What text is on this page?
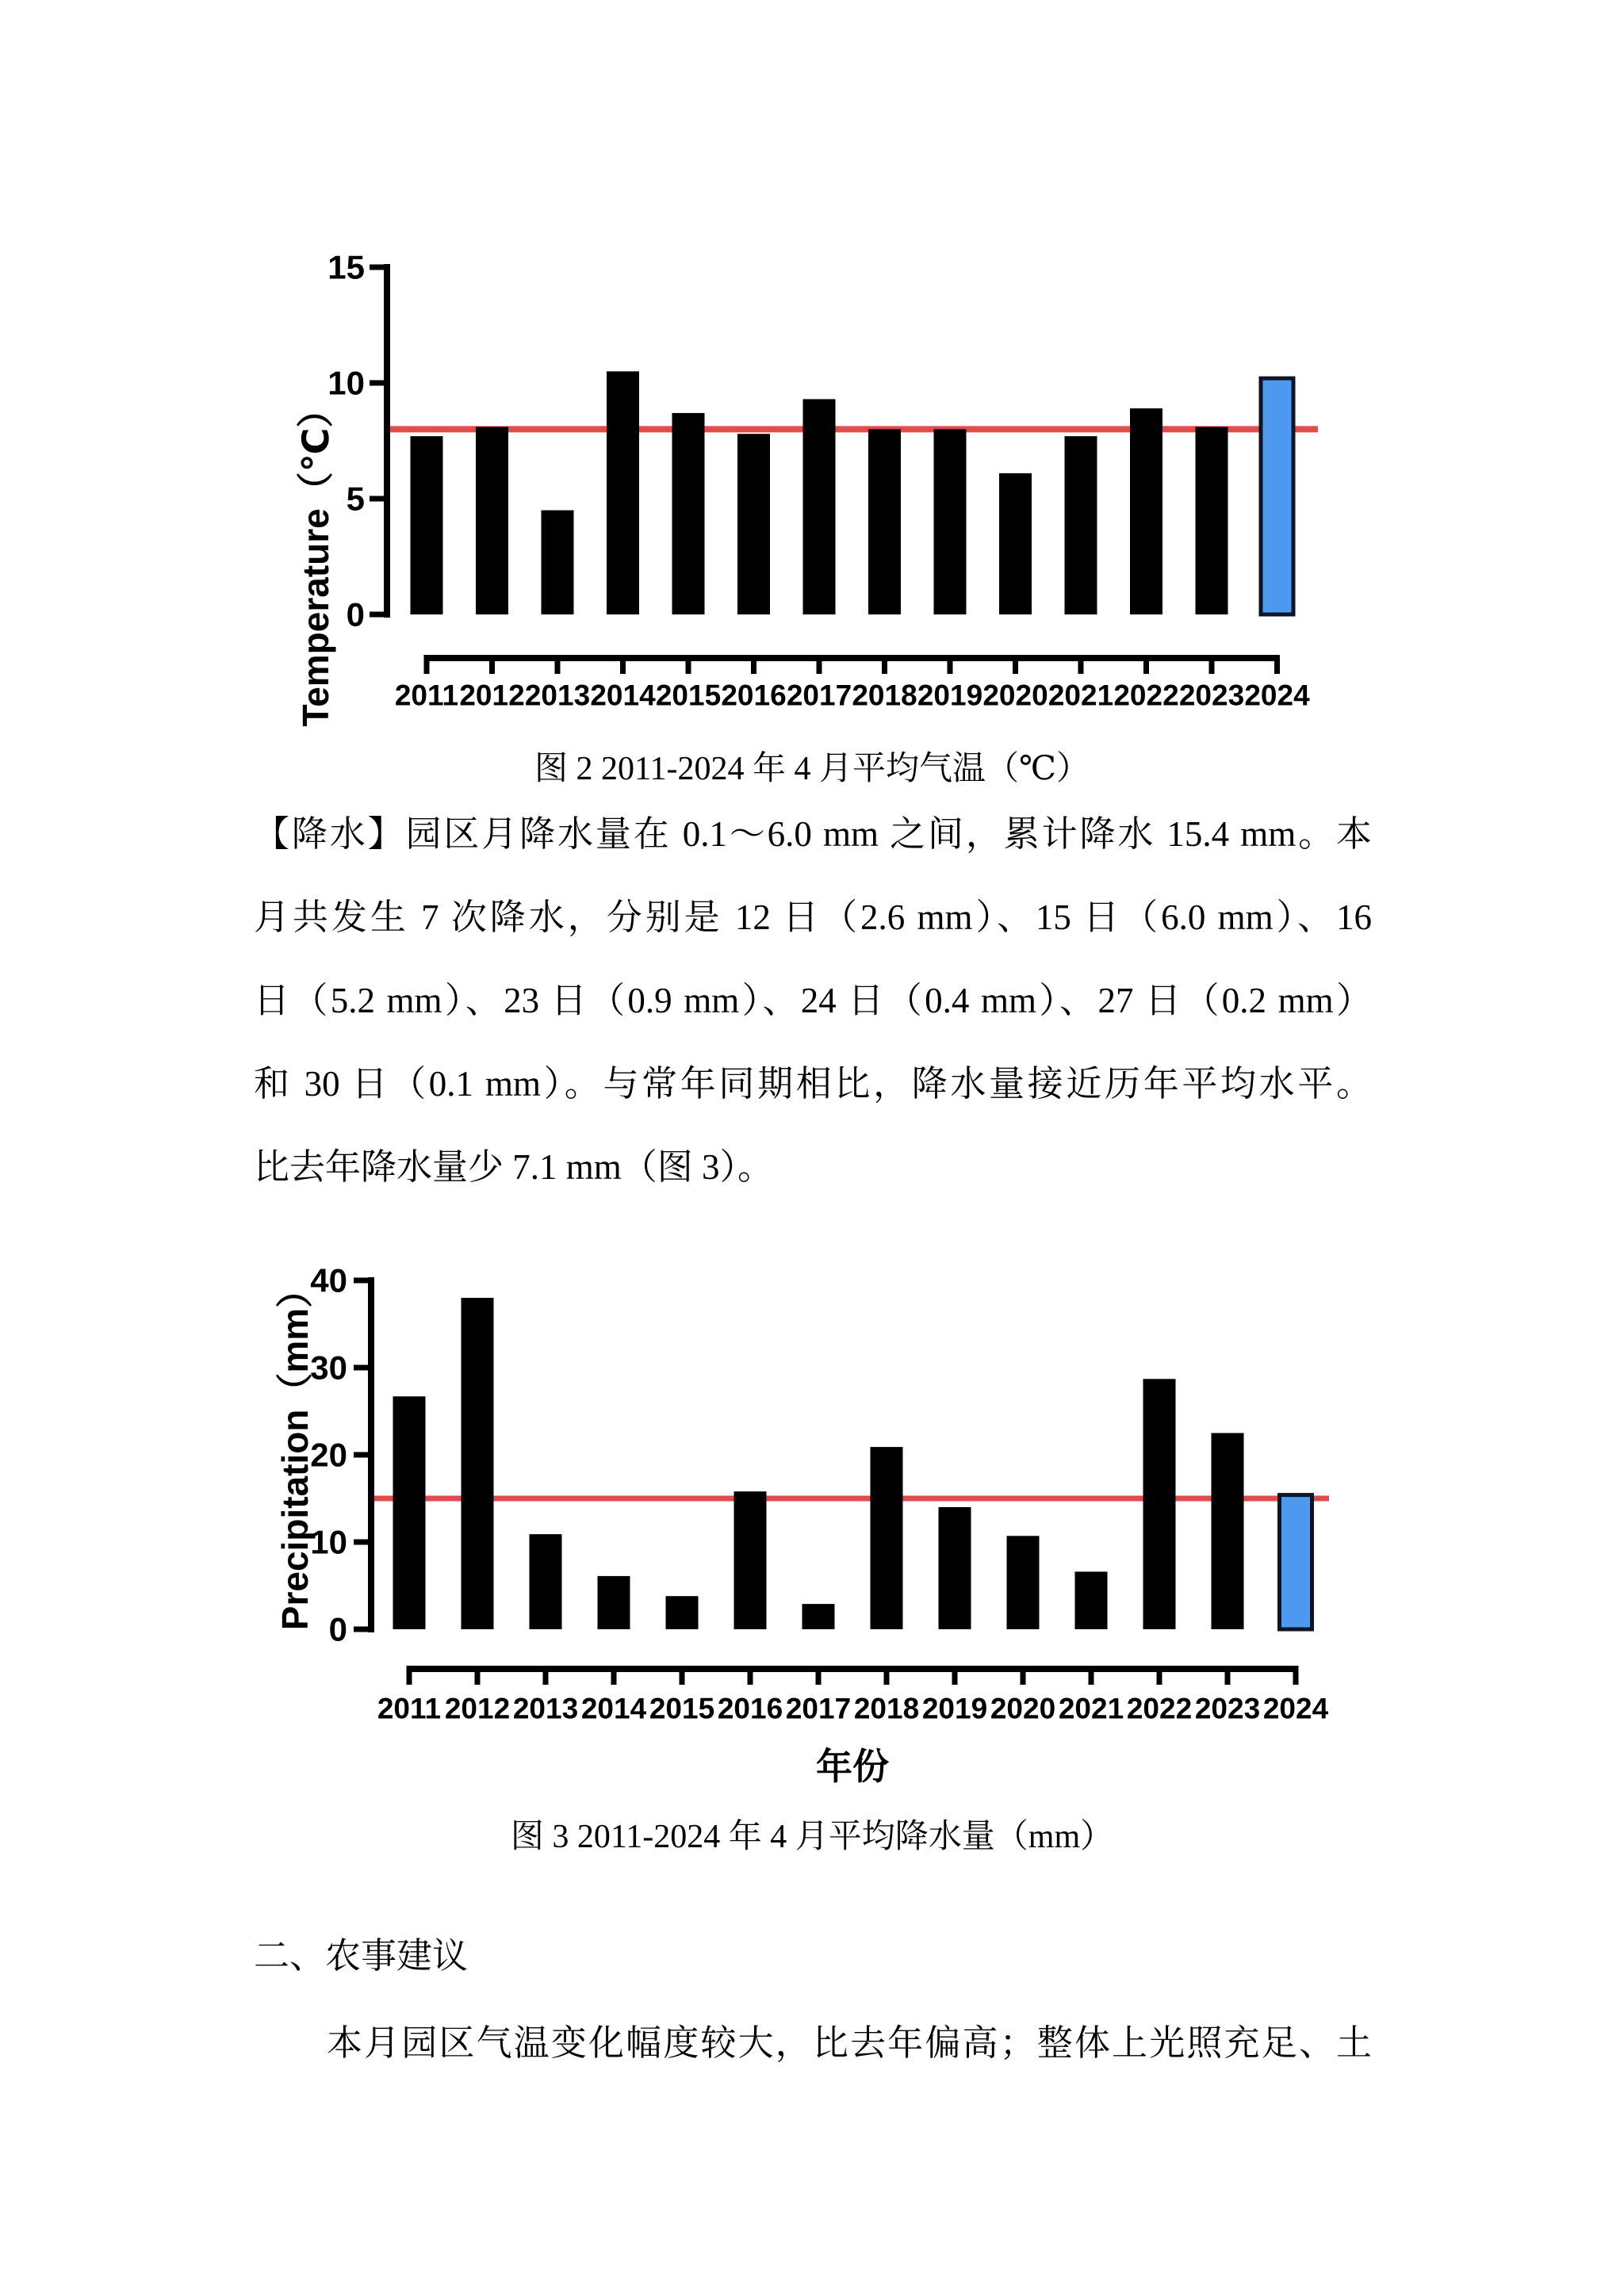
0
5
10
15
Temperature（℃） 2011 2012 2013 2014 2015 2016 2017 2018 2019 2020 2021 2022 2023 2024
图 2 2011-2024 年 4 月平均气温（℃）
【降水】园区月降水量在 0.1～6.0 mm 之间，累计降水 15.4 mm。本
月共发生 7 次降水，分别是 12 日（2.6 mm）、15 日（6.0 mm）、16
日（5.2 mm）、23 日（0.9 mm）、24 日（0.4 mm）、27 日（0.2 mm）
和 30 日（0.1 mm）。与常年同期相比，降水量接近历年平均水平。
比去年降水量少 7.1 mm（图 3）。
0
10
20
30
40
Precipitation（mm）
2011 2012 2013 2014 2015 2016 2017 2018 2019 2020 2021 2022 2023 2024
年份
图 3 2011-2024 年 4 月平均降水量（mm）
二、农事建议
本月园区气温变化幅度较大，比去年偏高；整体上光照充足、土
